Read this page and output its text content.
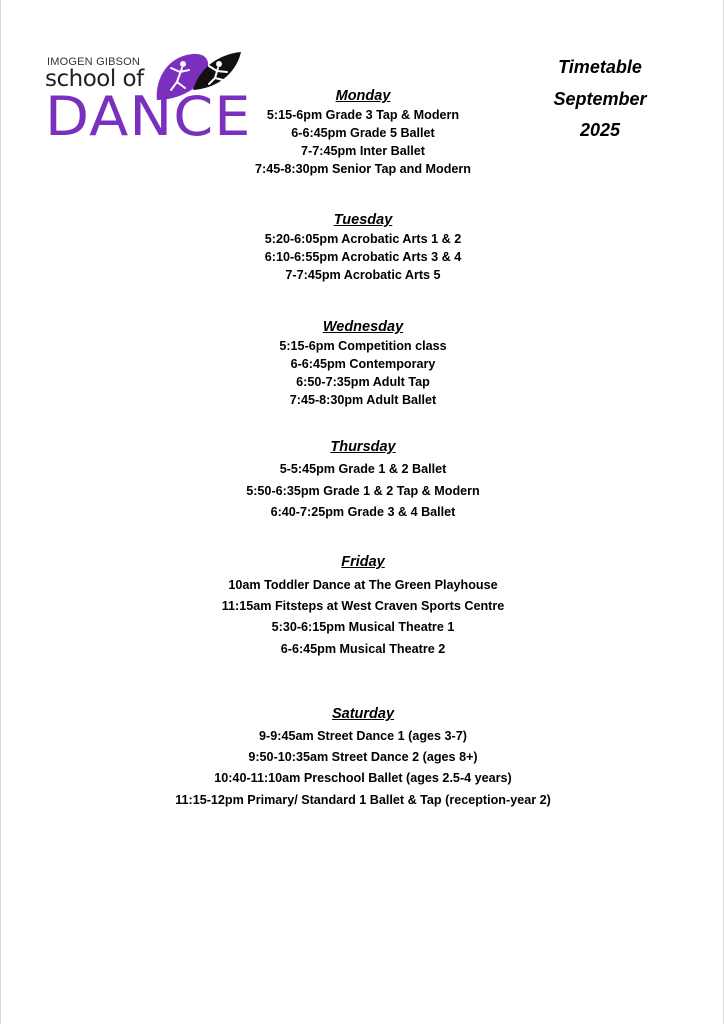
IMOGEN GIBSON
school of
DANCE
Timetable
September
2025
Monday
5:15-6pm Grade 3 Tap & Modern
6-6:45pm Grade 5 Ballet
7-7:45pm Inter Ballet
7:45-8:30pm Senior Tap and Modern
Tuesday
5:20-6:05pm Acrobatic Arts 1 & 2
6:10-6:55pm Acrobatic Arts 3 & 4
7-7:45pm Acrobatic Arts 5
Wednesday
5:15-6pm Competition class
6-6:45pm Contemporary
6:50-7:35pm Adult Tap
7:45-8:30pm Adult Ballet
Thursday
5-5:45pm Grade 1 & 2 Ballet
5:50-6:35pm Grade 1 & 2 Tap & Modern
6:40-7:25pm Grade 3 & 4 Ballet
Friday
10am Toddler Dance at The Green Playhouse
11:15am Fitsteps at West Craven Sports Centre
5:30-6:15pm Musical Theatre 1
6-6:45pm Musical Theatre 2
Saturday
9-9:45am Street Dance 1 (ages 3-7)
9:50-10:35am Street Dance 2 (ages 8+)
10:40-11:10am Preschool Ballet (ages 2.5-4 years)
11:15-12pm Primary/ Standard 1 Ballet & Tap (reception-year 2)
